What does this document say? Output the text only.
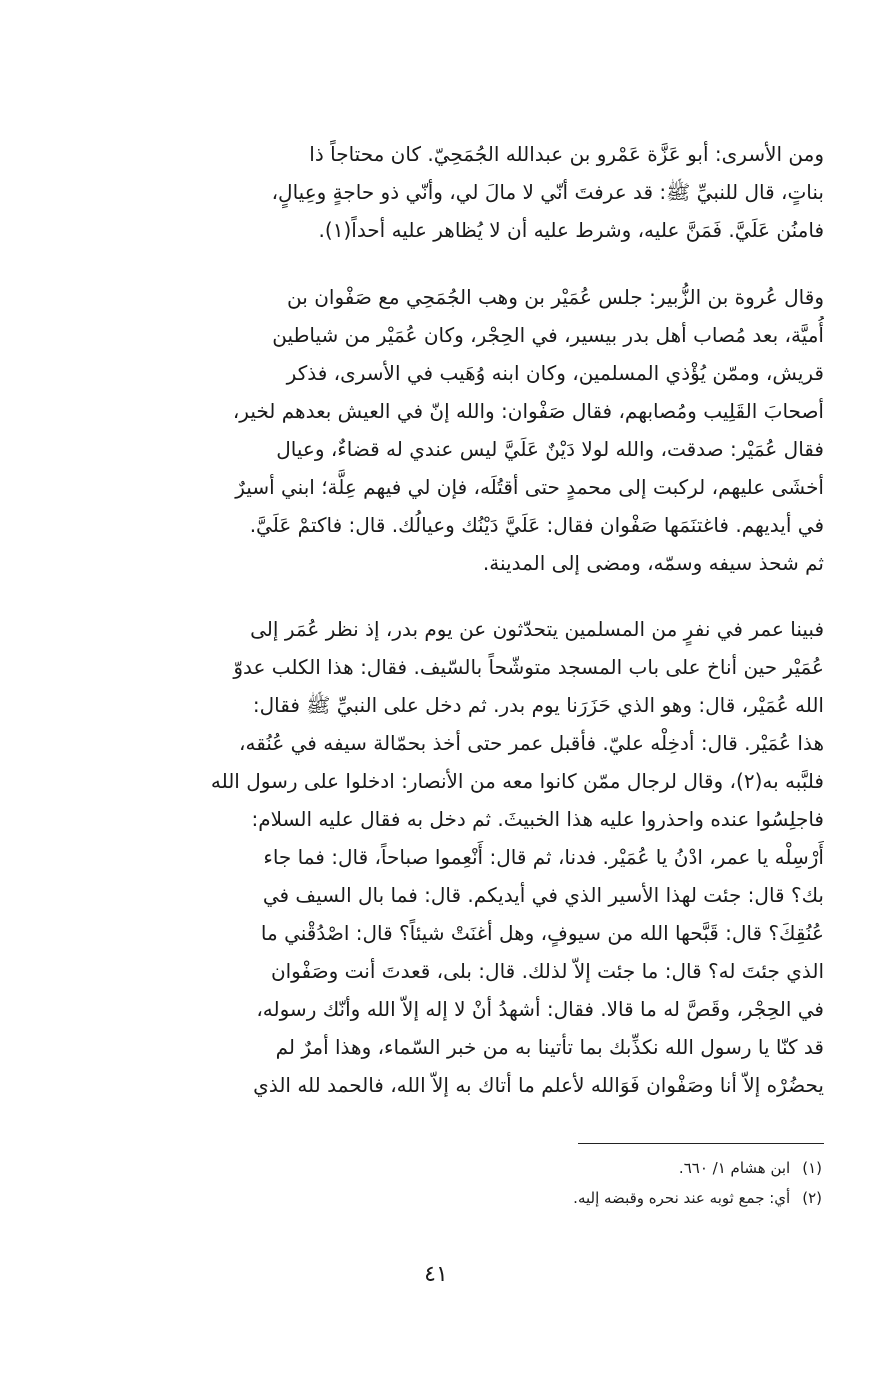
ومن الأسرى: أبو عَزَّة عَمْرو بن عبدالله الجُمَحِيّ. كان محتاجاً ذا
بناتٍ، قال للنبيِّ ﷺ: قد عرفتَ أنّي لا مالَ لي، وأنّي ذو حاجةٍ وعِيالٍ،
فامنُن عَلَيَّ. فَمَنَّ عليه، وشرط عليه أن لا يُظاهر عليه أحداً(١).
وقال عُروة بن الزُّبير: جلس عُمَيْر بن وهب الجُمَحِي مع صَفْوان بن
أُميَّة، بعد مُصاب أهل بدر بيسير، في الحِجْر، وكان عُمَيْر من شياطين
قريش، وممّن يُؤْذي المسلمين، وكان ابنه وُهَيب في الأسرى، فذكر
أصحابَ القَلِيب ومُصابهم، فقال صَفْوان: والله إنّ في العيش بعدهم لخير،
فقال عُمَيْر: صدقت، والله لولا دَيْنٌ عَلَيَّ ليس عندي له قضاءٌ، وعيال
أخشَى عليهم، لركبت إلى محمدٍ حتى أقتُلَه، فإن لي فيهم عِلَّة؛ ابني أسيرٌ
في أيديهم. فاغتنَمَها صَفْوان فقال: عَلَيَّ دَيْنُك وعيالُك. قال: فاكتمْ عَلَيَّ.
ثم شحذ سيفه وسمّه، ومضى إلى المدينة.
فبينا عمر في نفرٍ من المسلمين يتحدّثون عن يوم بدر، إذ نظر عُمَر إلى
عُمَيْر حين أناخ على باب المسجد متوشّحاً بالسّيف. فقال: هذا الكلب عدوّ
الله عُمَيْر، قال: وهو الذي حَزَرَنا يوم بدر. ثم دخل على النبيِّ ﷺ فقال:
هذا عُمَيْر. قال: أدخِلْه عليّ. فأقبل عمر حتى أخذ بحمّالة سيفه في عُنُقه،
فلبَّبه به(٢)، وقال لرجال ممّن كانوا معه من الأنصار: ادخلوا على رسول الله
فاجلِسُوا عنده واحذروا عليه هذا الخبيثَ. ثم دخل به فقال عليه السلام:
أَرْسِلْه يا عمر، ادْنُ يا عُمَيْر. فدنا، ثم قال: أَنْعِموا صباحاً، قال: فما جاء
بك؟ قال: جئت لهذا الأسير الذي في أيديكم. قال: فما بال السيف في
عُنُقِكَ؟ قال: قَبَّحها الله من سيوفٍ، وهل أغنَتْ شيئاً؟ قال: اصْدُقْني ما
الذي جئتَ له؟ قال: ما جئت إلاّ لذلك. قال: بلى، قعدتَ أنت وصَفْوان
في الحِجْر، وقَصَّ له ما قالا. فقال: أشهدُ أنْ لا إله إلاّ الله وأنّك رسوله،
قد كنّا يا رسول الله نكذِّبك بما تأتينا به من خبر السّماء، وهذا أمرٌ لم
يحضُرْه إلاّ أنا وصَفْوان فَوَالله لأعلم ما أتاك به إلاّ الله، فالحمد لله الذي
(١)ابن هشام ١/ ٦٦٠.
(٢)أي: جمع ثوبه عند نحره وقبضه إليه.
٤١
